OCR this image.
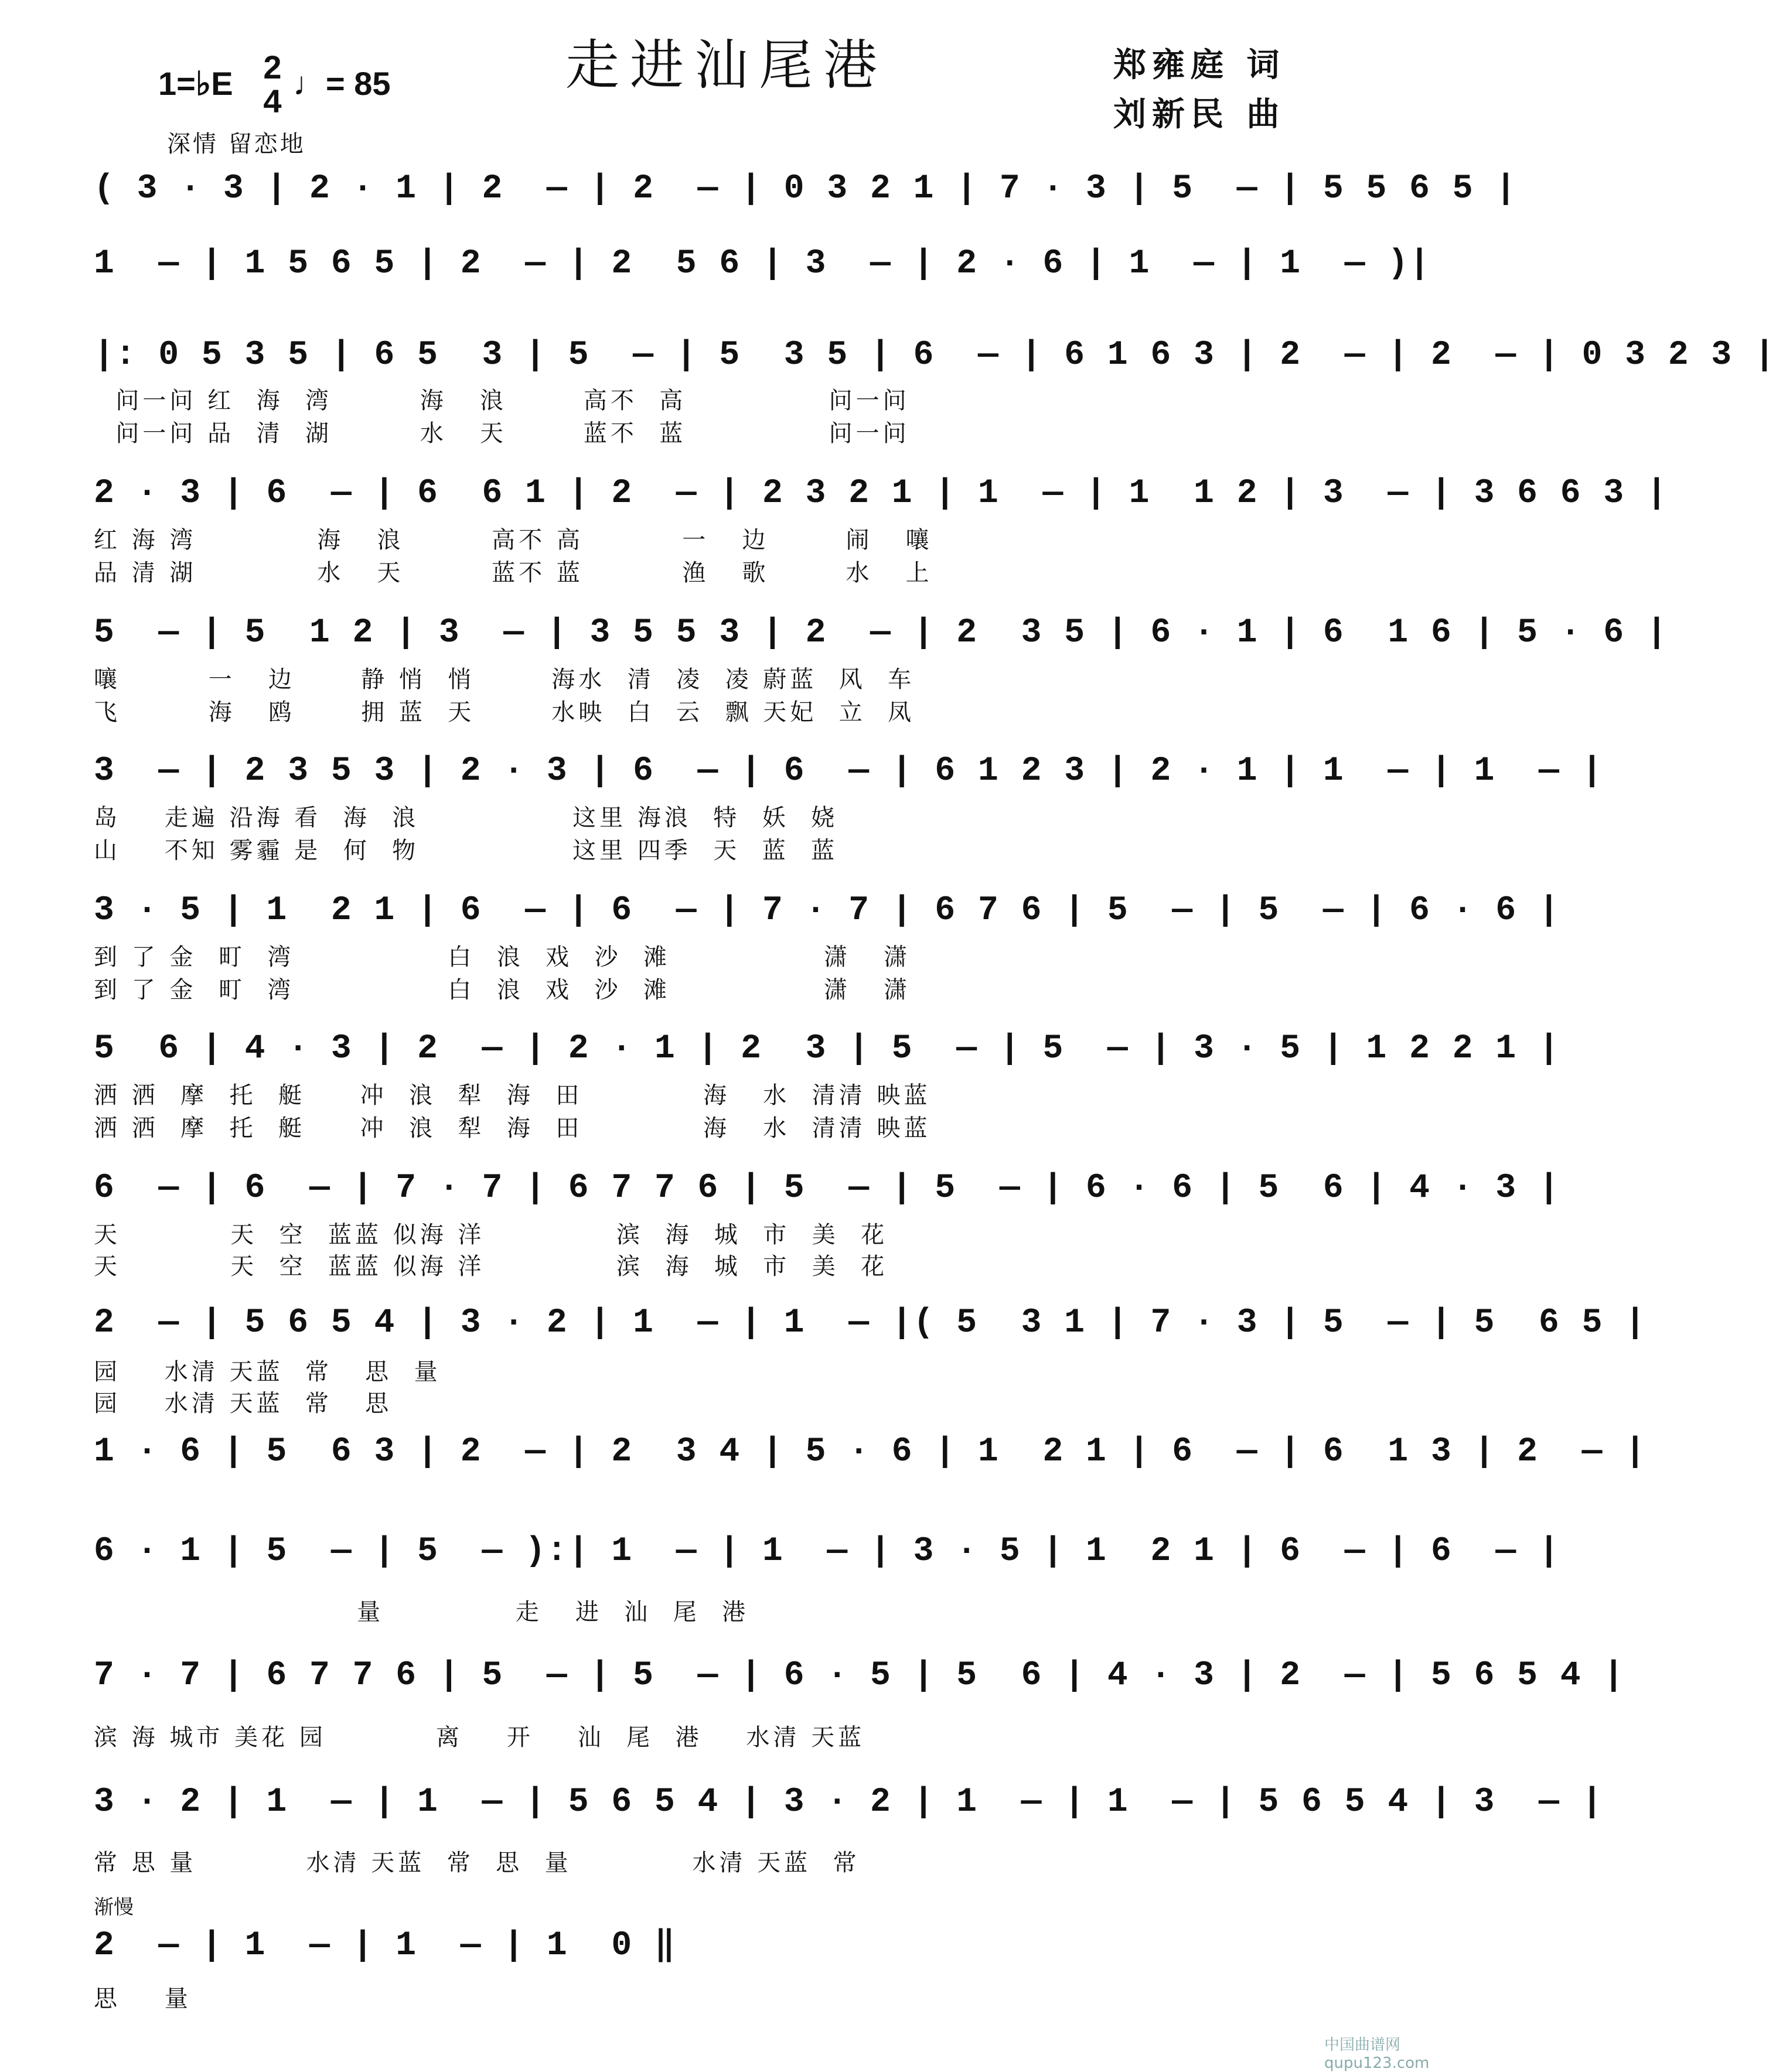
走进汕尾港	郑雍庭 词
刘新民 曲
1=♭E 2
4 ♩= 85
深情 留恋地
渐慢
( 3 · 3 | 2 · 1 | 2  — | 2  — | 0 3 2 1 | 7 · 3 | 5  — | 5 5 6 5 |
1  — | 1 5 6 5 | 2  — | 2  5 6 | 3  — | 2 · 6 | 1  — | 1  — )|
|: 0 5 3 5 | 6 5  3 | 5  — | 5  3 5 | 6  — | 6 1 6 3 | 2  — | 2  — | 0 3 2 3 |
问一问 红  海  湾        海   浪       高不  高             问一问
问一问 品  清  湖        水   天       蓝不  蓝             问一问
2 · 3 | 6  — | 6  6 1 | 2  — | 2 3 2 1 | 1  — | 1  1 2 | 3  — | 3 6 6 3 |
红 海 湾           海   浪        高不 高         一   边       闹   嚷
品 清 湖           水   天        蓝不 蓝         渔   歌       水   上
5  — | 5  1 2 | 3  — | 3 5 5 3 | 2  — | 2  3 5 | 6 · 1 | 6  1 6 | 5 · 6 |
嚷        一   边      静 悄  悄       海水  清  凌  凌 蔚蓝  风  车
飞        海   鸥      拥 蓝  天       水映  白  云  飘 天妃  立  凤
3  — | 2 3 5 3 | 2 · 3 | 6  — | 6  — | 6 1 2 3 | 2 · 1 | 1  — | 1  — |
岛    走遍 沿海 看  海  浪              这里 海浪  特  妖  娆
山    不知 雾霾 是  何  物              这里 四季  天  蓝  蓝
3 · 5 | 1  2 1 | 6  — | 6  — | 7 · 7 | 6 7 6 | 5  — | 5  — | 6 · 6 |
到 了 金  町  湾              白  浪  戏  沙  滩              潇   潇
到 了 金  町  湾              白  浪  戏  沙  滩              潇   潇
5  6 | 4 · 3 | 2  — | 2 · 1 | 2  3 | 5  — | 5  — | 3 · 5 | 1 2 2 1 |
洒 洒  摩  托  艇     冲  浪  犁  海  田           海   水  清清 映蓝
洒 洒  摩  托  艇     冲  浪  犁  海  田           海   水  清清 映蓝
6  — | 6  — | 7 · 7 | 6 7 7 6 | 5  — | 5  — | 6 · 6 | 5  6 | 4 · 3 |
天          天  空  蓝蓝 似海 洋            滨  海  城  市  美  花
天          天  空  蓝蓝 似海 洋            滨  海  城  市  美  花
2  — | 5 6 5 4 | 3 · 2 | 1  — | 1  — |( 5  3 1 | 7 · 3 | 5  — | 5  6 5 |
园    水清 天蓝  常   思  量
园    水清 天蓝  常   思
1 · 6 | 5  6 3 | 2  — | 2  3 4 | 5 · 6 | 1  2 1 | 6  — | 6  1 3 | 2  — |
6 · 1 | 5  — | 5  — ):| 1  — | 1  — | 3 · 5 | 1  2 1 | 6  — | 6  — |
量            走   进  汕  尾  港
7 · 7 | 6 7 7 6 | 5  — | 5  — | 6 · 5 | 5  6 | 4 · 3 | 2  — | 5 6 5 4 |
滨 海 城市 美花 园          离    开    汕  尾  港    水清 天蓝
3 · 2 | 1  — | 1  — | 5 6 5 4 | 3 · 2 | 1  — | 1  — | 5 6 5 4 | 3  — |
常 思 量          水清 天蓝  常  思  量           水清 天蓝  常
2  — | 1  — | 1  — | 1  0 ‖
思    量
中国曲谱网 qupu123.com
